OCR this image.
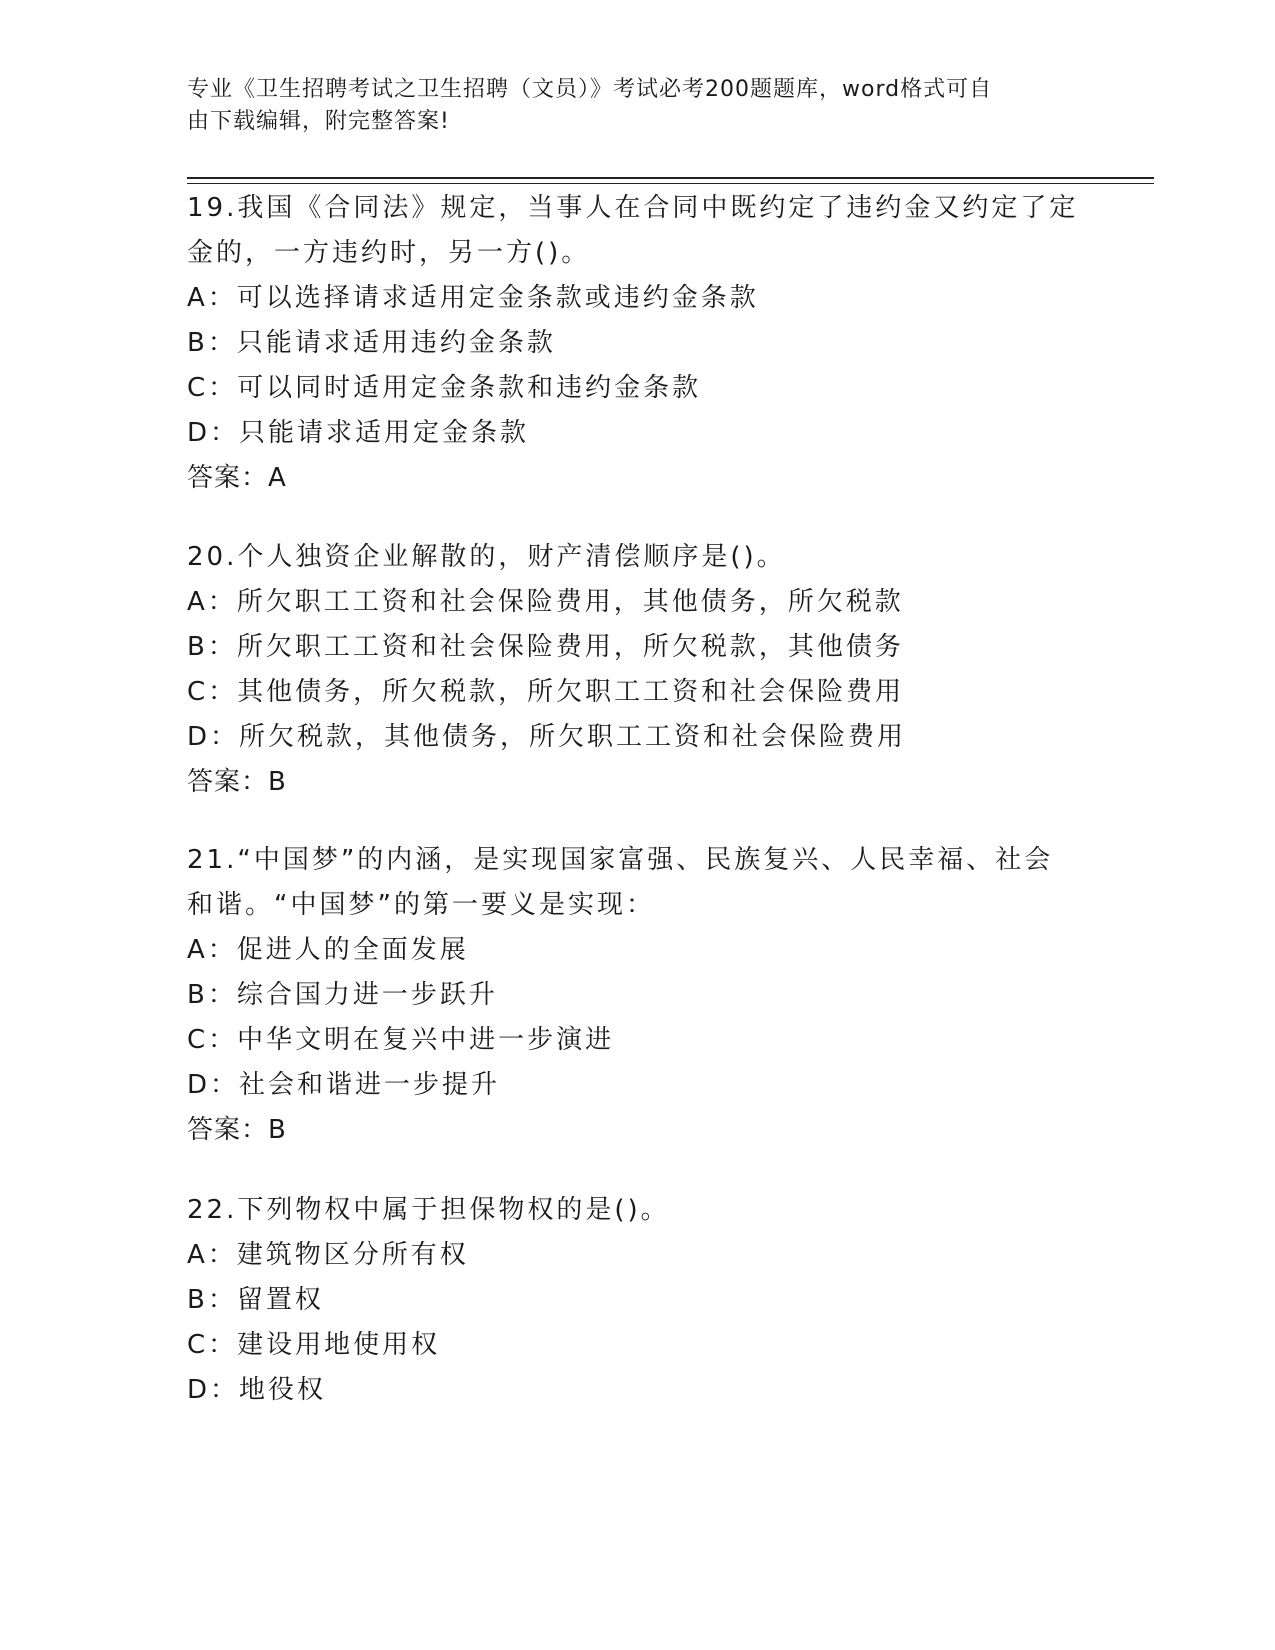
专业《卫生招聘考试之卫生招聘（文员）》考试必考200题题库，word格式可自
由下载编辑，附完整答案!

19.我国《合同法》规定，当事人在合同中既约定了违约金又约定了定

金的，一方违约时，另一方()。

A：可以选择请求适用定金条款或违约金条款

B：只能请求适用违约金条款

C：可以同时适用定金条款和违约金条款

D：只能请求适用定金条款

答案：A

20.个人独资企业解散的，财产清偿顺序是()。

A：所欠职工工资和社会保险费用，其他债务，所欠税款

B：所欠职工工资和社会保险费用，所欠税款，其他债务

C：其他债务，所欠税款，所欠职工工资和社会保险费用

D：所欠税款，其他债务，所欠职工工资和社会保险费用

答案：B

21.“中国梦”的内涵，是实现国家富强、民族复兴、人民幸福、社会

和谐。“中国梦”的第一要义是实现：

A：促进人的全面发展

B：综合国力进一步跃升

C：中华文明在复兴中进一步演进

D：社会和谐进一步提升

答案：B

22.下列物权中属于担保物权的是()。

A：建筑物区分所有权

B：留置权

C：建设用地使用权

D：地役权
